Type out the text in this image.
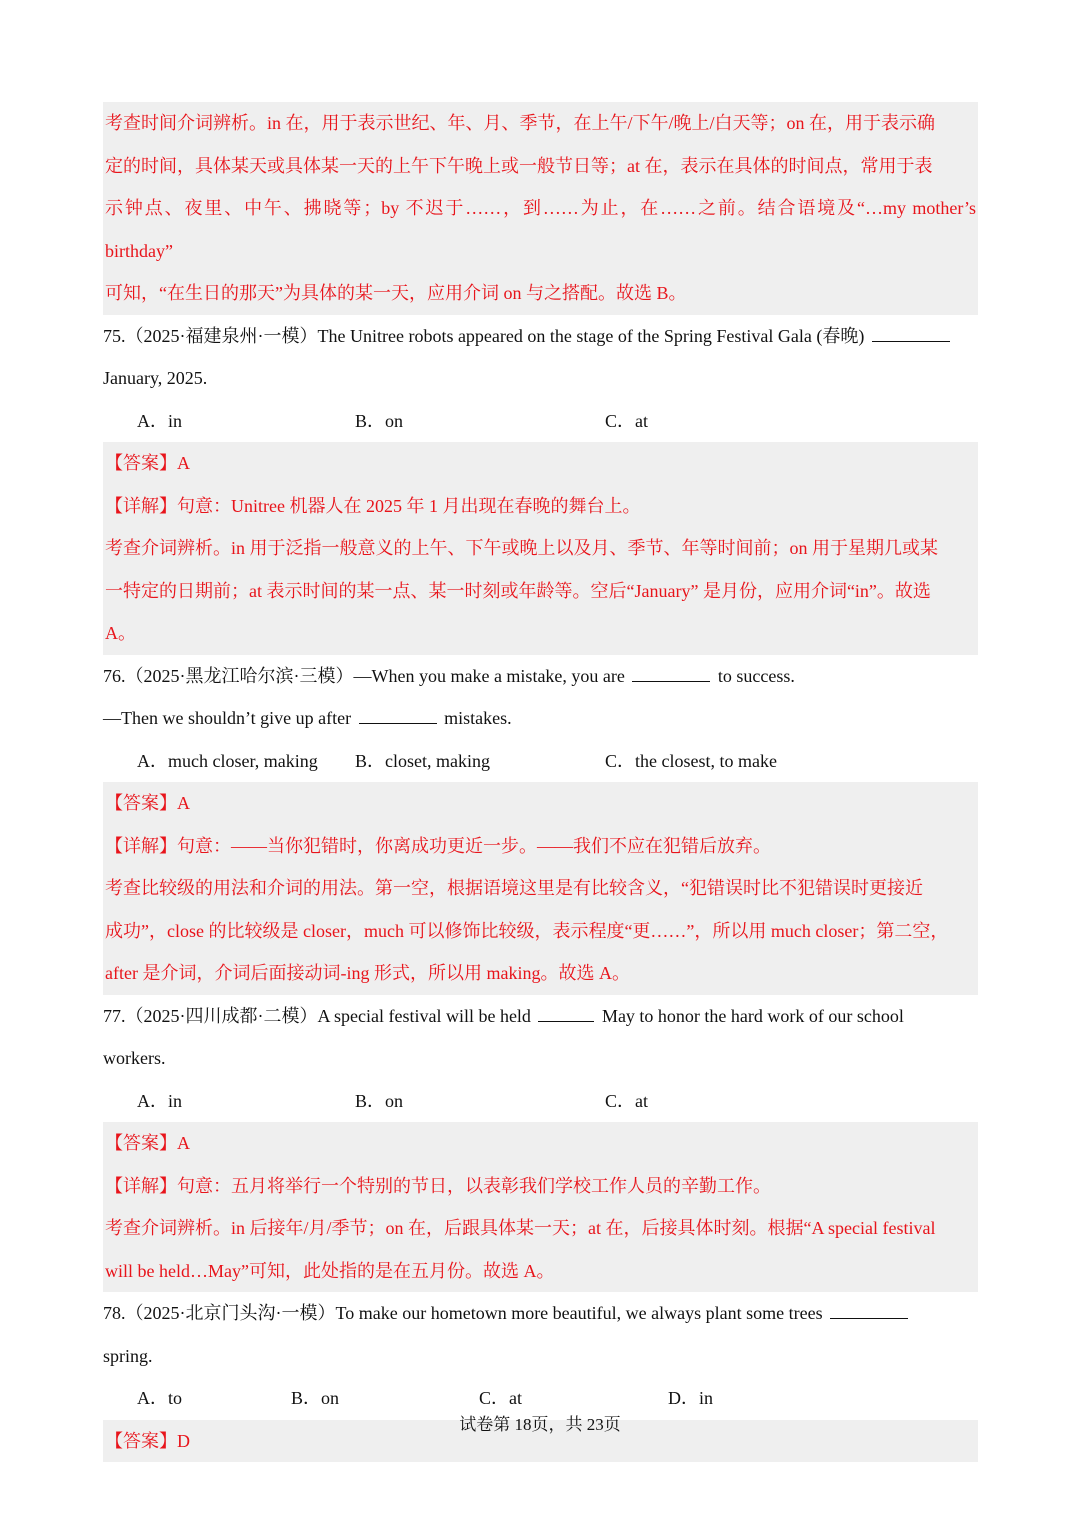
考查时间介词辨析。in 在，用于表示世纪、年、月、季节，在上午/下午/晚上/白天等；on 在，用于表示确
定的时间，具体某天或具体某一天的上午下午晚上或一般节日等；at 在，表示在具体的时间点，常用于表
示钟点、夜里、中午、拂晓等；by 不迟于……，到……为止，在……之前。结合语境及“…my mother’s birthday”
可知，“在生日的那天”为具体的某一天，应用介词 on 与之搭配。故选 B。
75.（2025·福建泉州·一模）The Unitree robots appeared on the stage of the Spring Festival Gala (春晚)
January, 2025.
A．in	B．on	C．at
【答案】A
【详解】句意：Unitree 机器人在 2025 年 1 月出现在春晚的舞台上。
考查介词辨析。in 用于泛指一般意义的上午、下午或晚上以及月、季节、年等时间前；on 用于星期几或某
一特定的日期前；at 表示时间的某一点、某一时刻或年龄等。空后“January” 是月份，应用介词“in”。故选
A。
76.（2025·黑龙江哈尔滨·三模）—When you make a mistake, you are	to success.
—Then we shouldn’t give up after	mistakes.
A．much closer, making B．closet, making	C．the closest, to make
【答案】A
【详解】句意：——当你犯错时，你离成功更近一步。——我们不应在犯错后放弃。
考查比较级的用法和介词的用法。第一空，根据语境这里是有比较含义，“犯错误时比不犯错误时更接近
成功”，close 的比较级是 closer，much 可以修饰比较级，表示程度“更……”，所以用 much closer；第二空，
after 是介词，介词后面接动词-ing 形式，所以用 making。故选 A。
77.（2025·四川成都·二模）A special festival will be held	May to honor the hard work of our school
workers.
A．in	B．on	C．at
【答案】A
【详解】句意：五月将举行一个特别的节日，以表彰我们学校工作人员的辛勤工作。
考查介词辨析。in 后接年/月/季节；on 在，后跟具体某一天；at 在，后接具体时刻。根据“A special festival
will be held…May”可知，此处指的是在五月份。故选 A。
78.（2025·北京门头沟·一模）To make our hometown more beautiful, we always plant some trees
spring.
A．to	B．on	C．at	D．in
【答案】D
试卷第 18页，共 23页
